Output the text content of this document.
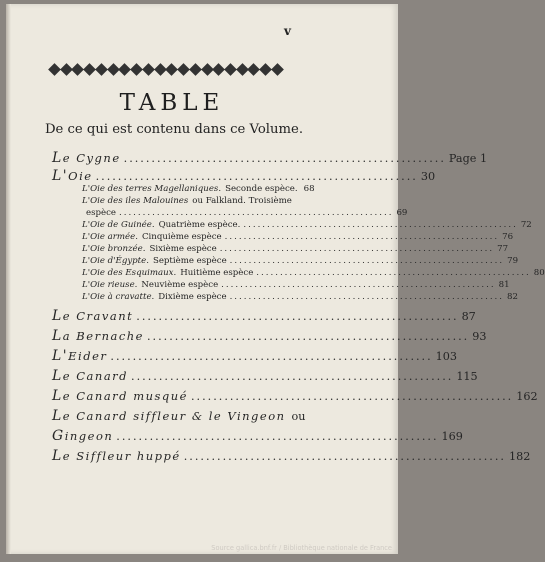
v
TABLE
De ce qui est contenu dans ce Volume.
Le Cygne .......................................................... Page 1
L'Oie .......................................................... 30
L'Oie des terres Magellaniques. Seconde espèce. 68
L'Oie des iles Malouines ou Falkland. Troisième
espèce .......................................................... 69
L'Oie de Guinée. Quatrième espèce. .......................................................... 72
L'Oie armée. Cinquième espèce .......................................................... 76
L'Oie bronzée. Sixième espèce .......................................................... 77
L'Oie d'Égypte. Septième espèce .......................................................... 79
L'Oie des Esquimaux. Huitième espèce .......................................................... 80
L'Oie rieuse. Neuvième espèce .......................................................... 81
L'Oie à cravatte. Dixième espèce .......................................................... 82
Le Cravant .......................................................... 87
La Bernache .......................................................... 93
L'Eider .......................................................... 103
Le Canard .......................................................... 115
Le Canard musqué .......................................................... 162
Le Canard siffleur & le Vingeon ou
Gingeon .......................................................... 169
Le Siffleur huppé .......................................................... 182
Source gallica.bnf.fr / Bibliothèque nationale de France
